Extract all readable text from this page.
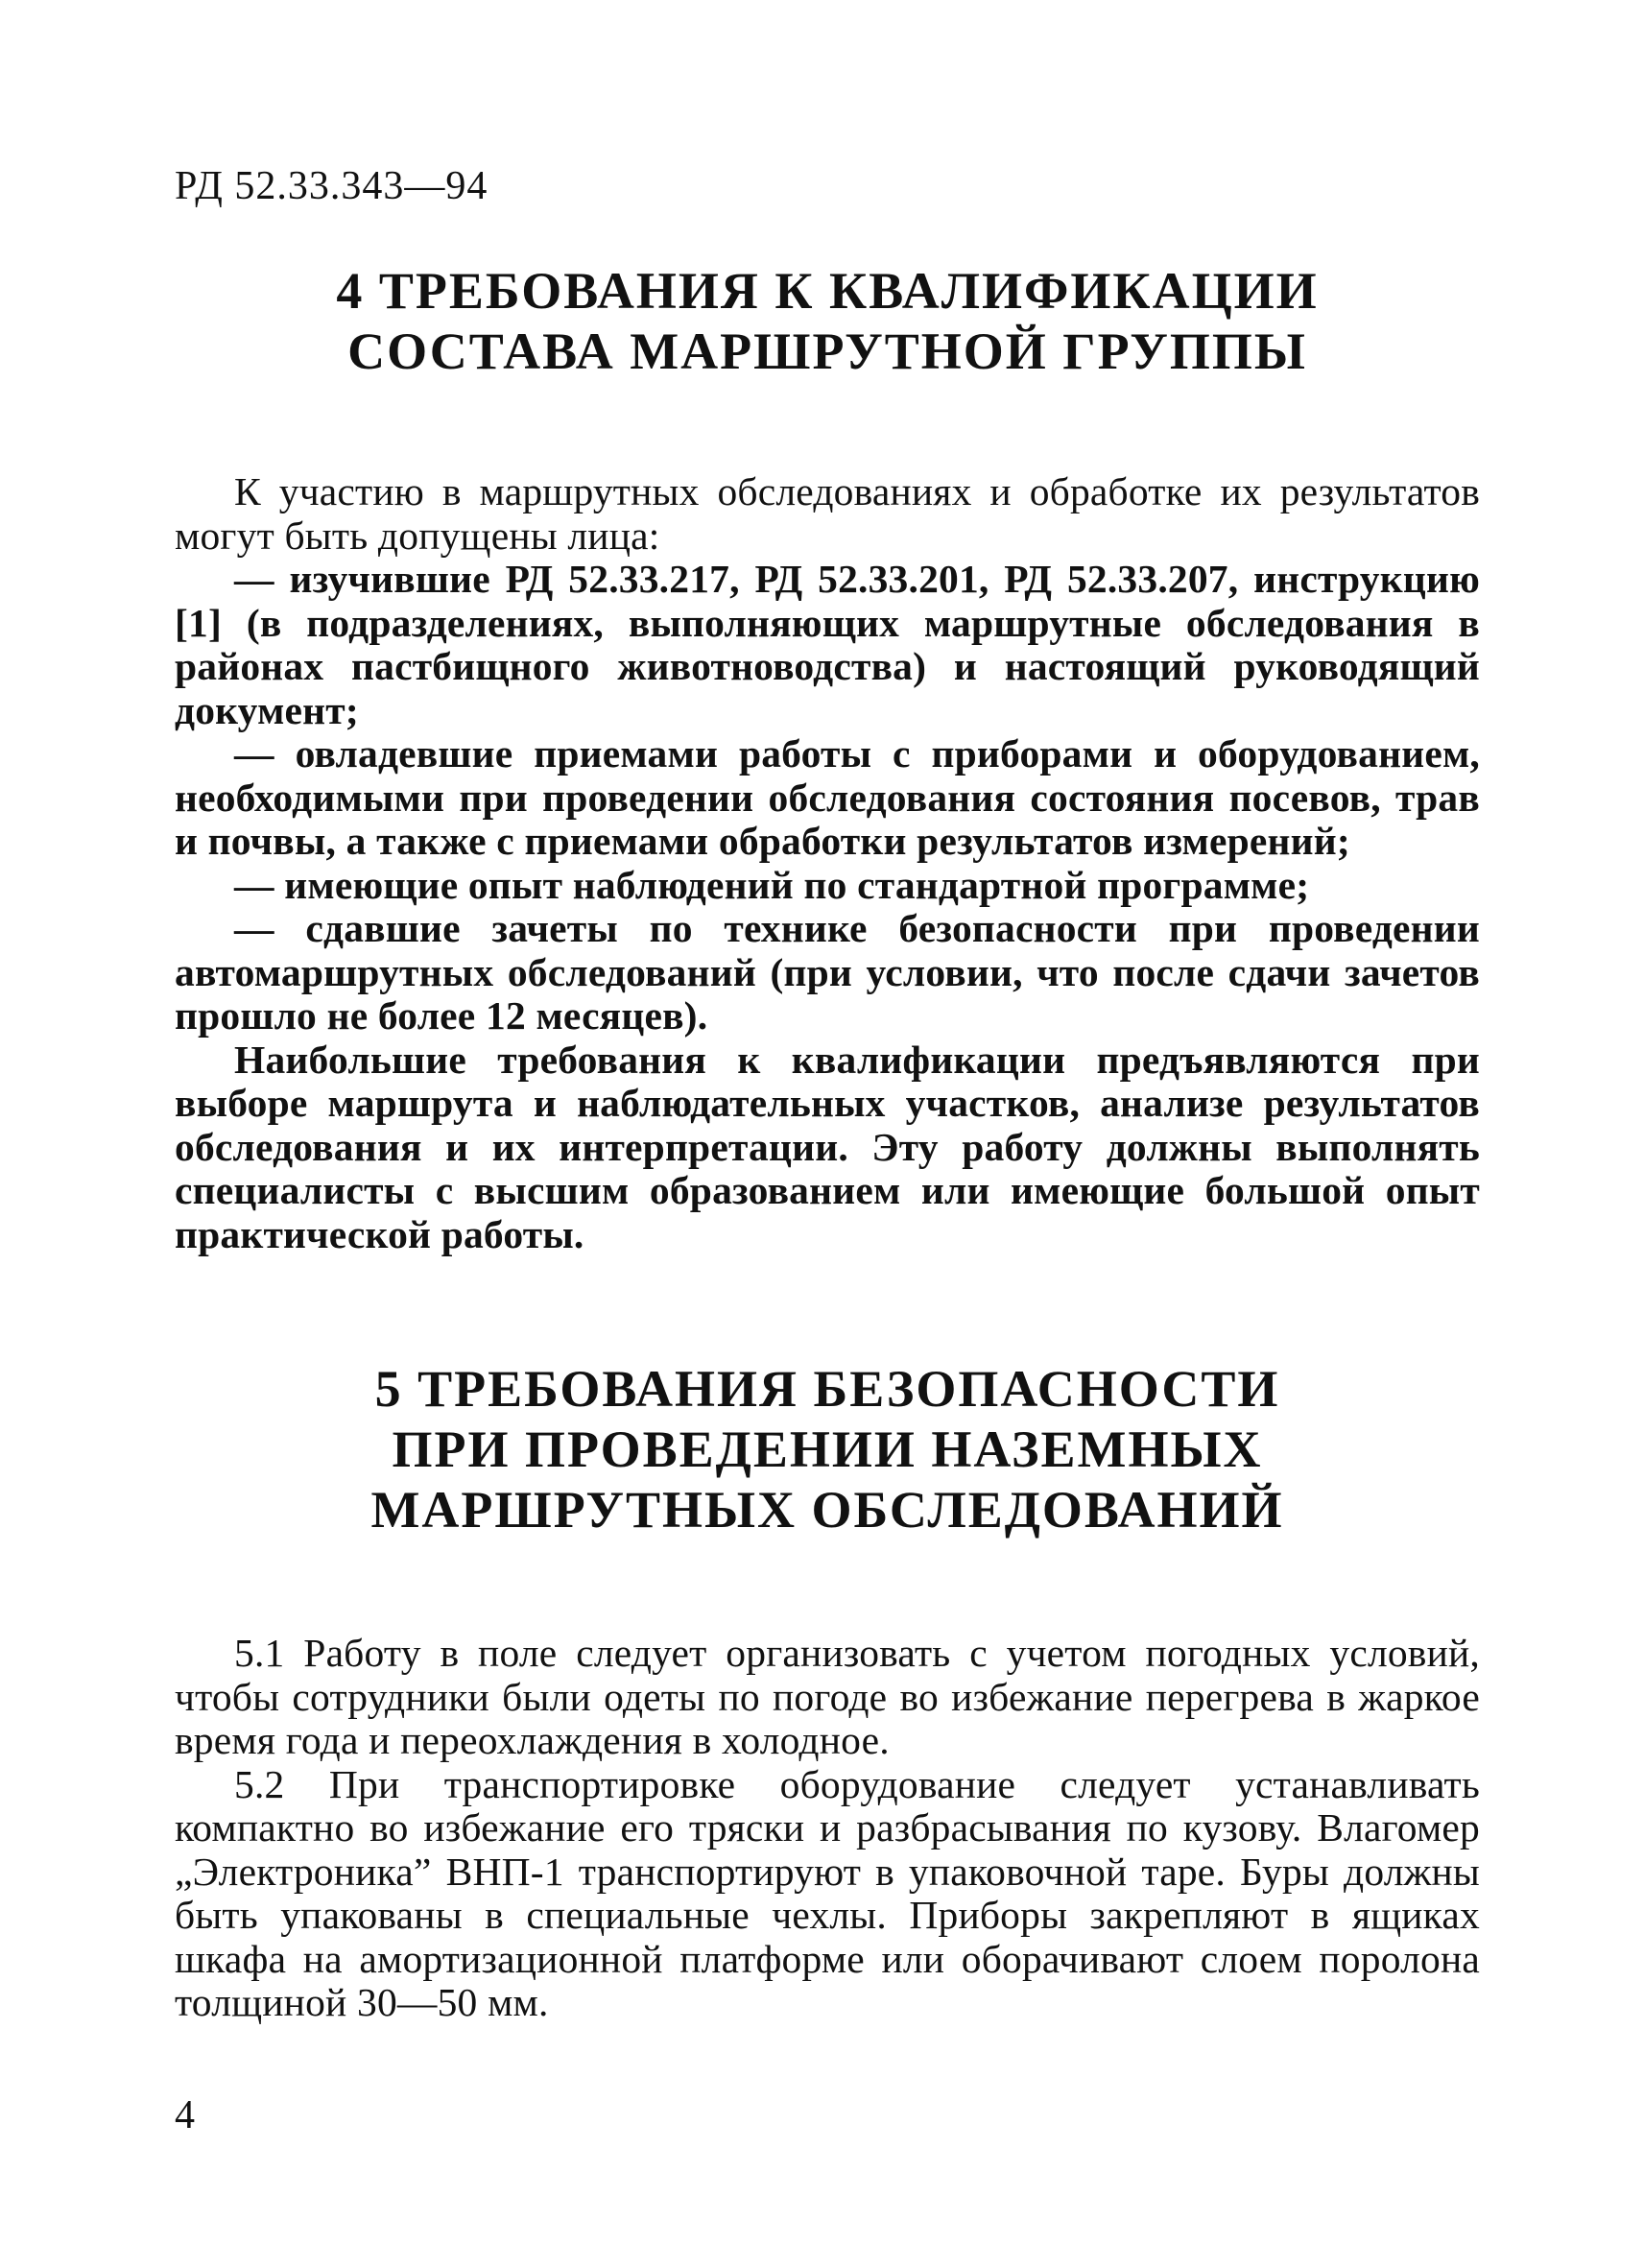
РД 52.33.343—94
4 ТРЕБОВАНИЯ К КВАЛИФИКАЦИИ
СОСТАВА МАРШРУТНОЙ ГРУППЫ

К участию в маршрутных обследованиях и обработке их результатов могут быть допущены лица:

— изучившие РД 52.33.217, РД 52.33.201, РД 52.33.207, инструкцию [1] (в подразделениях, выполняющих маршрутные обследования в районах пастбищного животноводства) и настоящий руководящий документ;

— овладевшие приемами работы с приборами и оборудованием, необходимыми при проведении обследования состояния посевов, трав и почвы, а также с приемами обработки результатов измерений;

— имеющие опыт наблюдений по стандартной программе;

— сдавшие зачеты по технике безопасности при проведении автомаршрутных обследований (при условии, что после сдачи зачетов прошло не более 12 месяцев).

Наибольшие требования к квалификации предъявляются при выборе маршрута и наблюдательных участков, анализе результатов обследования и их интерпретации. Эту работу должны выполнять специалисты с высшим образованием или имеющие большой опыт практической работы.

5 ТРЕБОВАНИЯ БЕЗОПАСНОСТИ
ПРИ ПРОВЕДЕНИИ НАЗЕМНЫХ
МАРШРУТНЫХ ОБСЛЕДОВАНИЙ

5.1 Работу в поле следует организовать с учетом погодных условий, чтобы сотрудники были одеты по погоде во избежание перегрева в жаркое время года и переохлаждения в холодное.

5.2 При транспортировке оборудование следует устанавливать компактно во избежание его тряски и разбрасывания по кузову. Влагомер „Электроника” ВНП-1 транспортируют в упаковочной таре. Буры должны быть упакованы в специальные чехлы. Приборы закрепляют в ящиках шкафа на амортизационной платформе или оборачивают слоем поролона толщиной 30—50 мм.

4
